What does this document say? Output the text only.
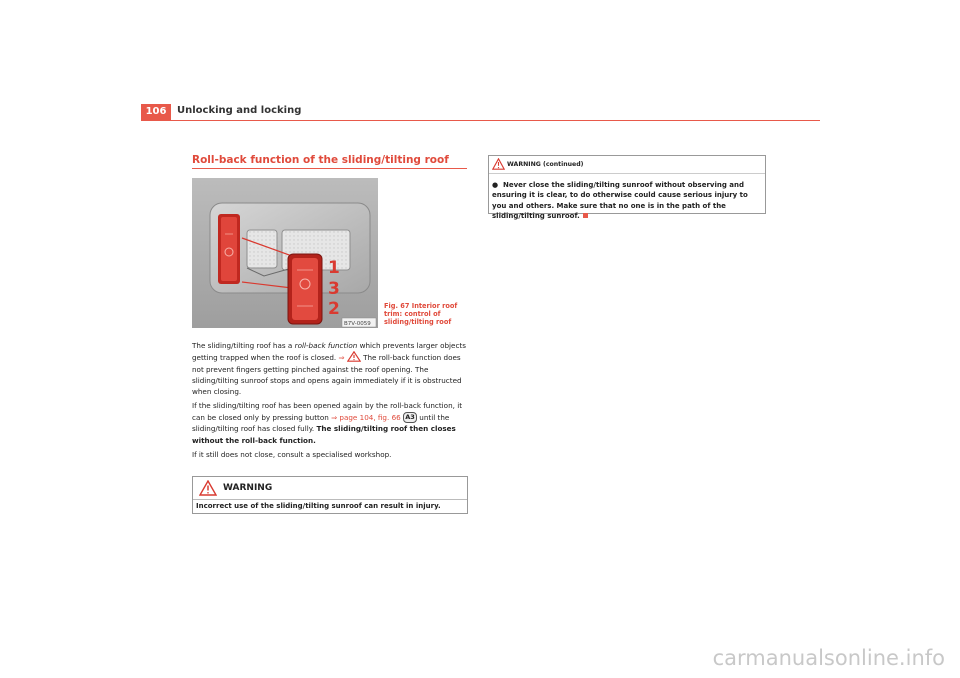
106	Unlocking and locking
Roll-back function of the sliding/tilting roof
B7V-0059
1
3
2	Fig. 67 Interior roof trim: control of sliding/tilting roof

The sliding/tilting roof has a roll-back function which prevents larger objects getting trapped when the roof is closed. ⇒  The roll-back function does not prevent fingers getting pinched against the roof opening. The sliding/tilting sunroof stops and opens again immediately if it is obstructed when closing.

If the sliding/tilting roof has been opened again by the roll-back function, it can be closed only by pressing button ⇒ page 104, fig. 66 A3 until the sliding/tilting roof has closed fully. The sliding/tilting roof then closes without the roll-back function.

If it still does not close, consult a specialised workshop.

WARNING
Incorrect use of the sliding/tilting sunroof can result in injury.
WARNING (continued)
● Never close the sliding/tilting sunroof without observing and ensuring it is clear, to do otherwise could cause serious injury to you and others. Make sure that no one is in the path of the sliding/tilting sunroof.
carmanualsonline.info
